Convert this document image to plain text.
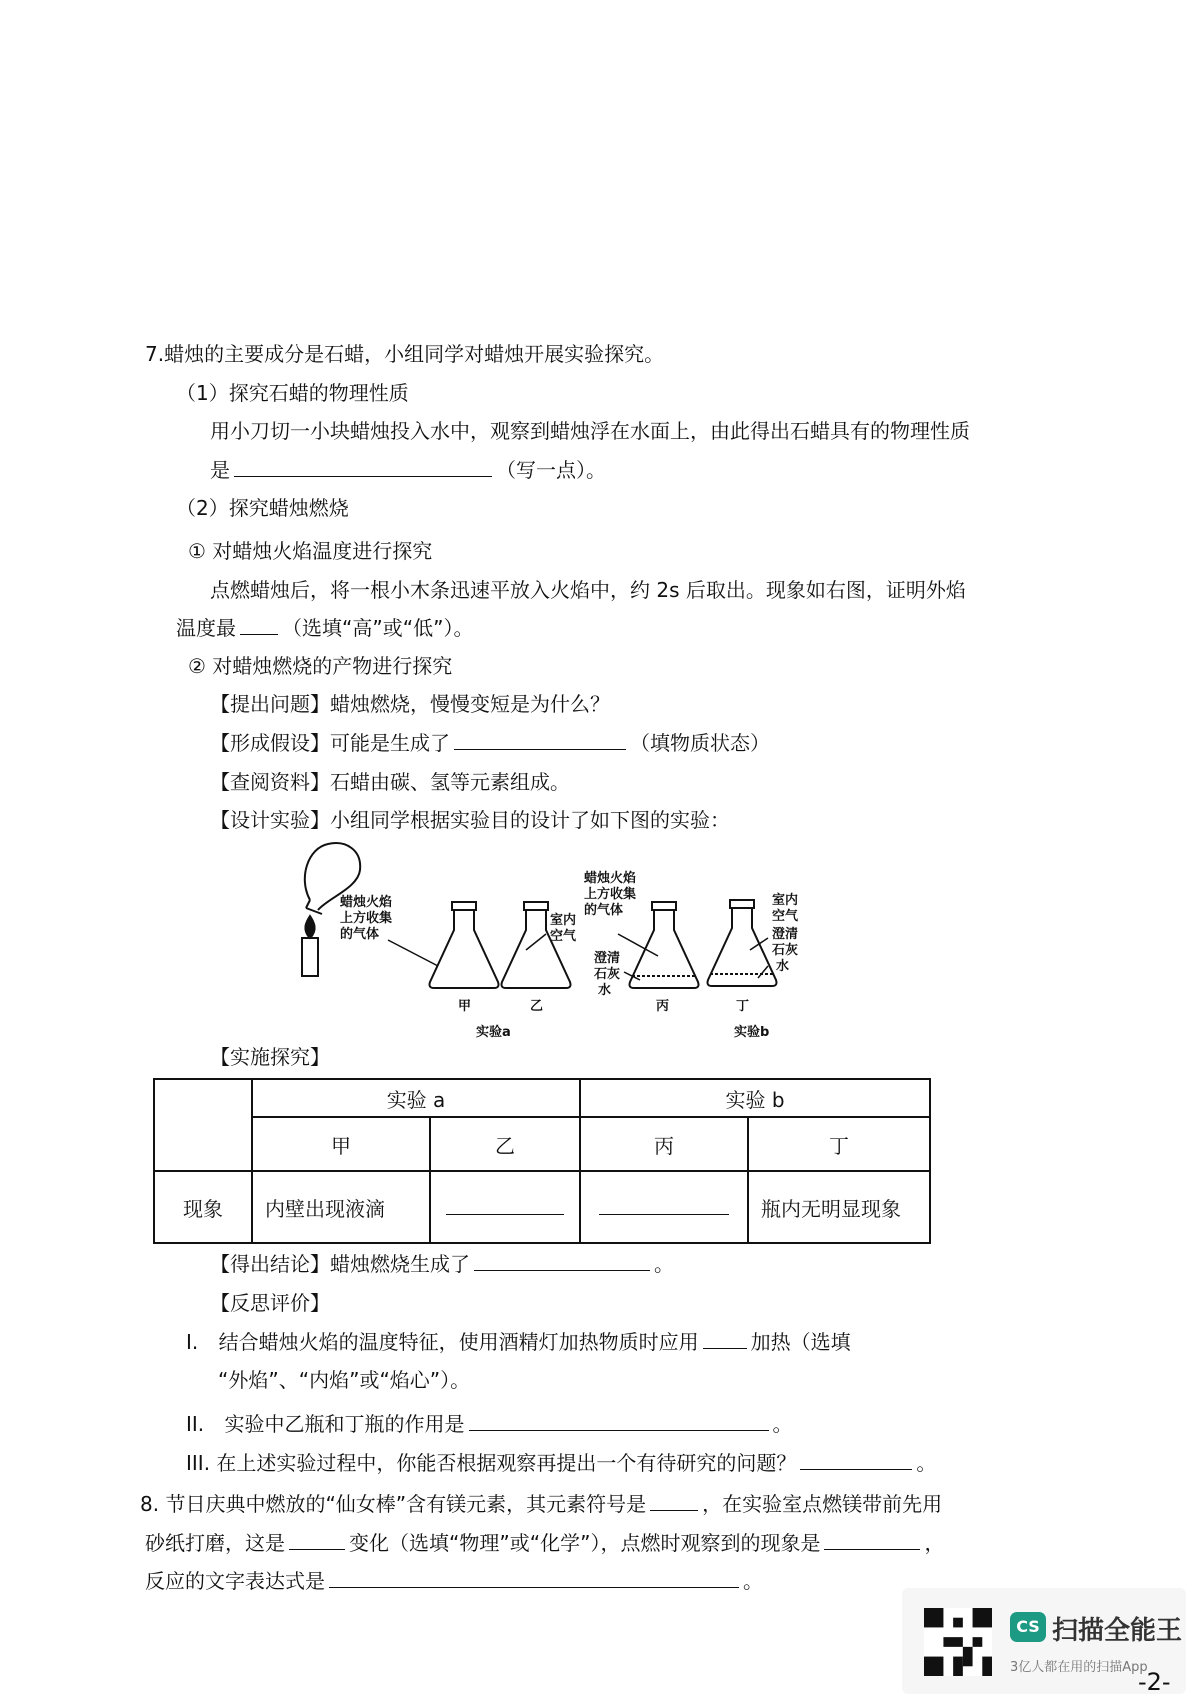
7.蜡烛的主要成分是石蜡，小组同学对蜡烛开展实验探究。
（1）探究石蜡的物理性质
用小刀切一小块蜡烛投入水中，观察到蜡烛浮在水面上，由此得出石蜡具有的物理性质
是	（写一点）。
（2）探究蜡烛燃烧
① 对蜡烛火焰温度进行探究
点燃蜡烛后，将一根小木条迅速平放入火焰中，约 2s 后取出。现象如右图，证明外焰
温度最 （选填“高”或“低”）。
② 对蜡烛燃烧的产物进行探究
【提出问题】蜡烛燃烧，慢慢变短是为什么？
【形成假设】可能是生成了	（填物质状态）
【查阅资料】石蜡由碳、氢等元素组成。
【设计实验】小组同学根据实验目的设计了如下图的实验：
蜡烛火焰
上方收集
的气体
室内
空气
甲	乙
实验a
蜡烛火焰
上方收集
的气体
澄清
石灰
水
丙
室内
空气
澄清
石灰
水
丁
实验b
【实施探究】
	实验 a		实验 b	
	甲	乙	丙	丁
现象	内壁出现液滴			瓶内无明显现象
【得出结论】蜡烛燃烧生成了	。
【反思评价】
I. 结合蜡烛火焰的温度特征，使用酒精灯加热物质时应用	加热（选填
“外焰”、“内焰”或“焰心”）。
II. 实验中乙瓶和丁瓶的作用是	。
III. 在上述实验过程中，你能否根据观察再提出一个有待研究的问题？	。
8. 节日庆典中燃放的“仙女棒”含有镁元素，其元素符号是	，在实验室点燃镁带前先用
砂纸打磨，这是	变化（选填“物理”或“化学”），点燃时观察到的现象是	，
反应的文字表达式是	。
CS 扫描全能王
3亿人都在用的扫描App
-2-
